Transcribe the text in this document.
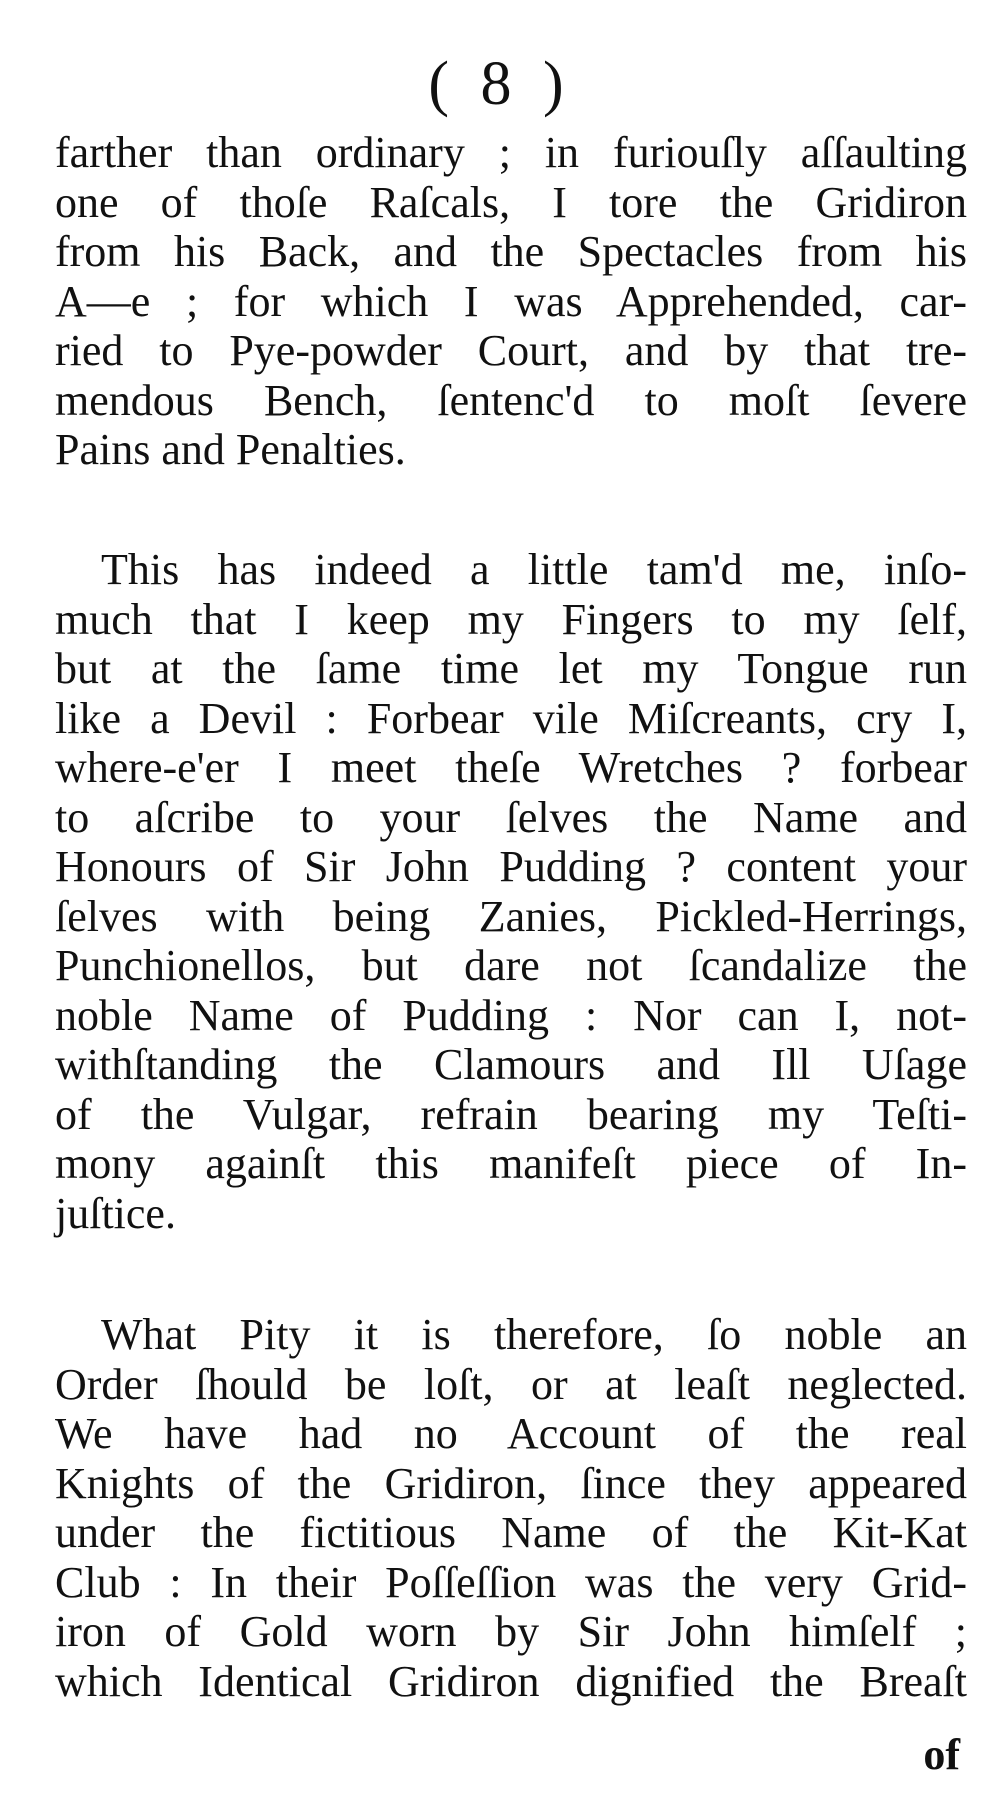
( 8 )
farther than ordinary ; in furiouſly aſſaulting
one of thoſe Raſcals, I tore the Gridiron
from his Back, and the Spectacles from his
A—e ; for which I was Apprehended, car-
ried to Pye-powder Court, and by that tre-
mendous Bench, ſentenc'd to moſt ſevere
Pains and Penalties.
This has indeed a little tam'd me, inſo-
much that I keep my Fingers to my ſelf,
but at the ſame time let my Tongue run
like a Devil : Forbear vile Miſcreants, cry I,
where-e'er I meet theſe Wretches ? forbear
to aſcribe to your ſelves the Name and
Honours of Sir John Pudding ? content your
ſelves with being Zanies, Pickled-Herrings,
Punchionellos, but dare not ſcandalize the
noble Name of Pudding : Nor can I, not-
withſtanding the Clamours and Ill Uſage
of the Vulgar, refrain bearing my Teſti-
mony againſt this manifeſt piece of In-
juſtice.
What Pity it is therefore, ſo noble an
Order ſhould be loſt, or at leaſt neglected.
We have had no Account of the real
Knights of the Gridiron, ſince they appeared
under the fictitious Name of the Kit-Kat
Club : In their Poſſeſſion was the very Grid-
iron of Gold worn by Sir John himſelf ;
which Identical Gridiron dignified the Breaſt
of
